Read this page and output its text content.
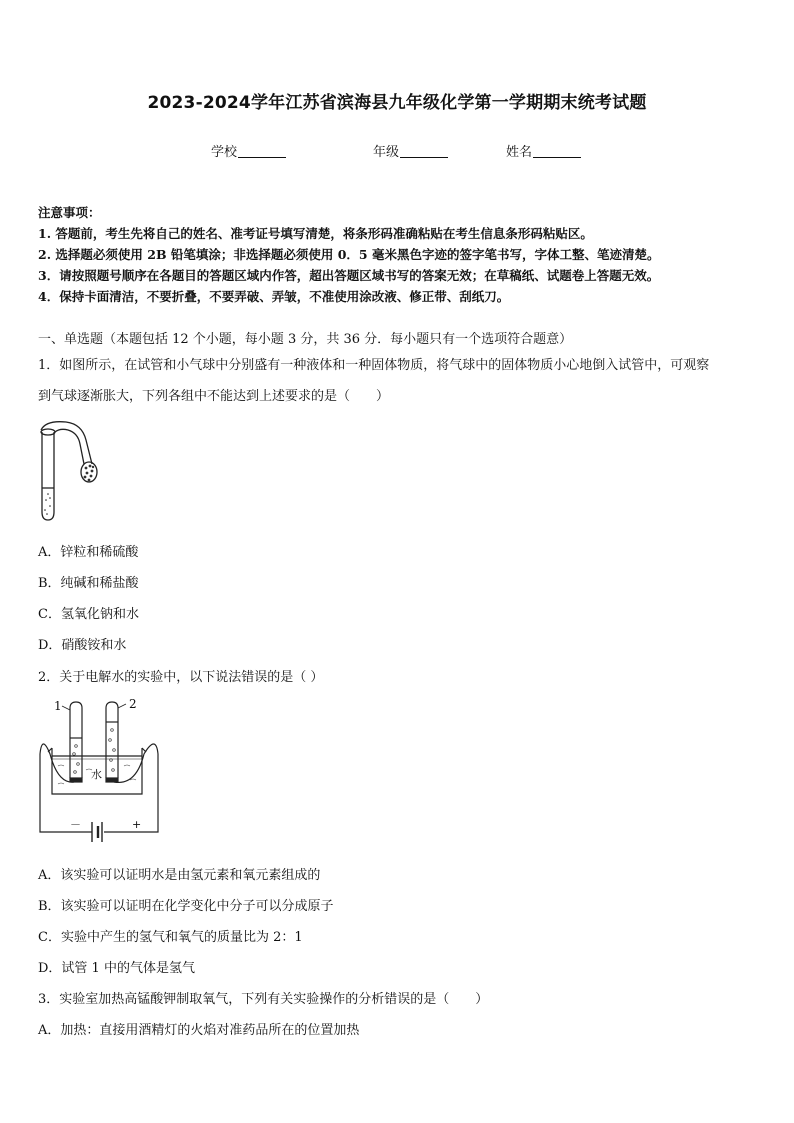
2023-2024学年江苏省滨海县九年级化学第一学期期末统考试题
学校	年级	姓名
注意事项：
1. 答题前，考生先将自己的姓名、准考证号填写清楚，将条形码准确粘贴在考生信息条形码粘贴区。
2. 选择题必须使用 2B 铅笔填涂；非选择题必须使用 0．5 毫米黑色字迹的签字笔书写，字体工整、笔迹清楚。
3．请按照题号顺序在各题目的答题区域内作答，超出答题区域书写的答案无效；在草稿纸、试题卷上答题无效。
4．保持卡面清洁，不要折叠，不要弄破、弄皱，不准使用涂改液、修正带、刮纸刀。
一、单选题（本题包括 12 个小题，每小题 3 分，共 36 分．每小题只有一个选项符合题意）
1．如图所示，在试管和小气球中分别盛有一种液体和一种固体物质，将气球中的固体物质小心地倒入试管中，可观察
到气球逐渐胀大，下列各组中不能达到上述要求的是（　　）
A．锌粒和稀硫酸
B．纯碱和稀盐酸
C．氢氧化钠和水
D．硝酸铵和水
2．关于电解水的实验中，以下说法错误的是（ ）
1	2
水
－	+
A．该实验可以证明水是由氢元素和氧元素组成的
B．该实验可以证明在化学变化中分子可以分成原子
C．实验中产生的氢气和氧气的质量比为 2：1
D．试管 1 中的气体是氢气
3．实验室加热高锰酸钾制取氧气，下列有关实验操作的分析错误的是（　　）
A．加热：直接用酒精灯的火焰对准药品所在的位置加热
